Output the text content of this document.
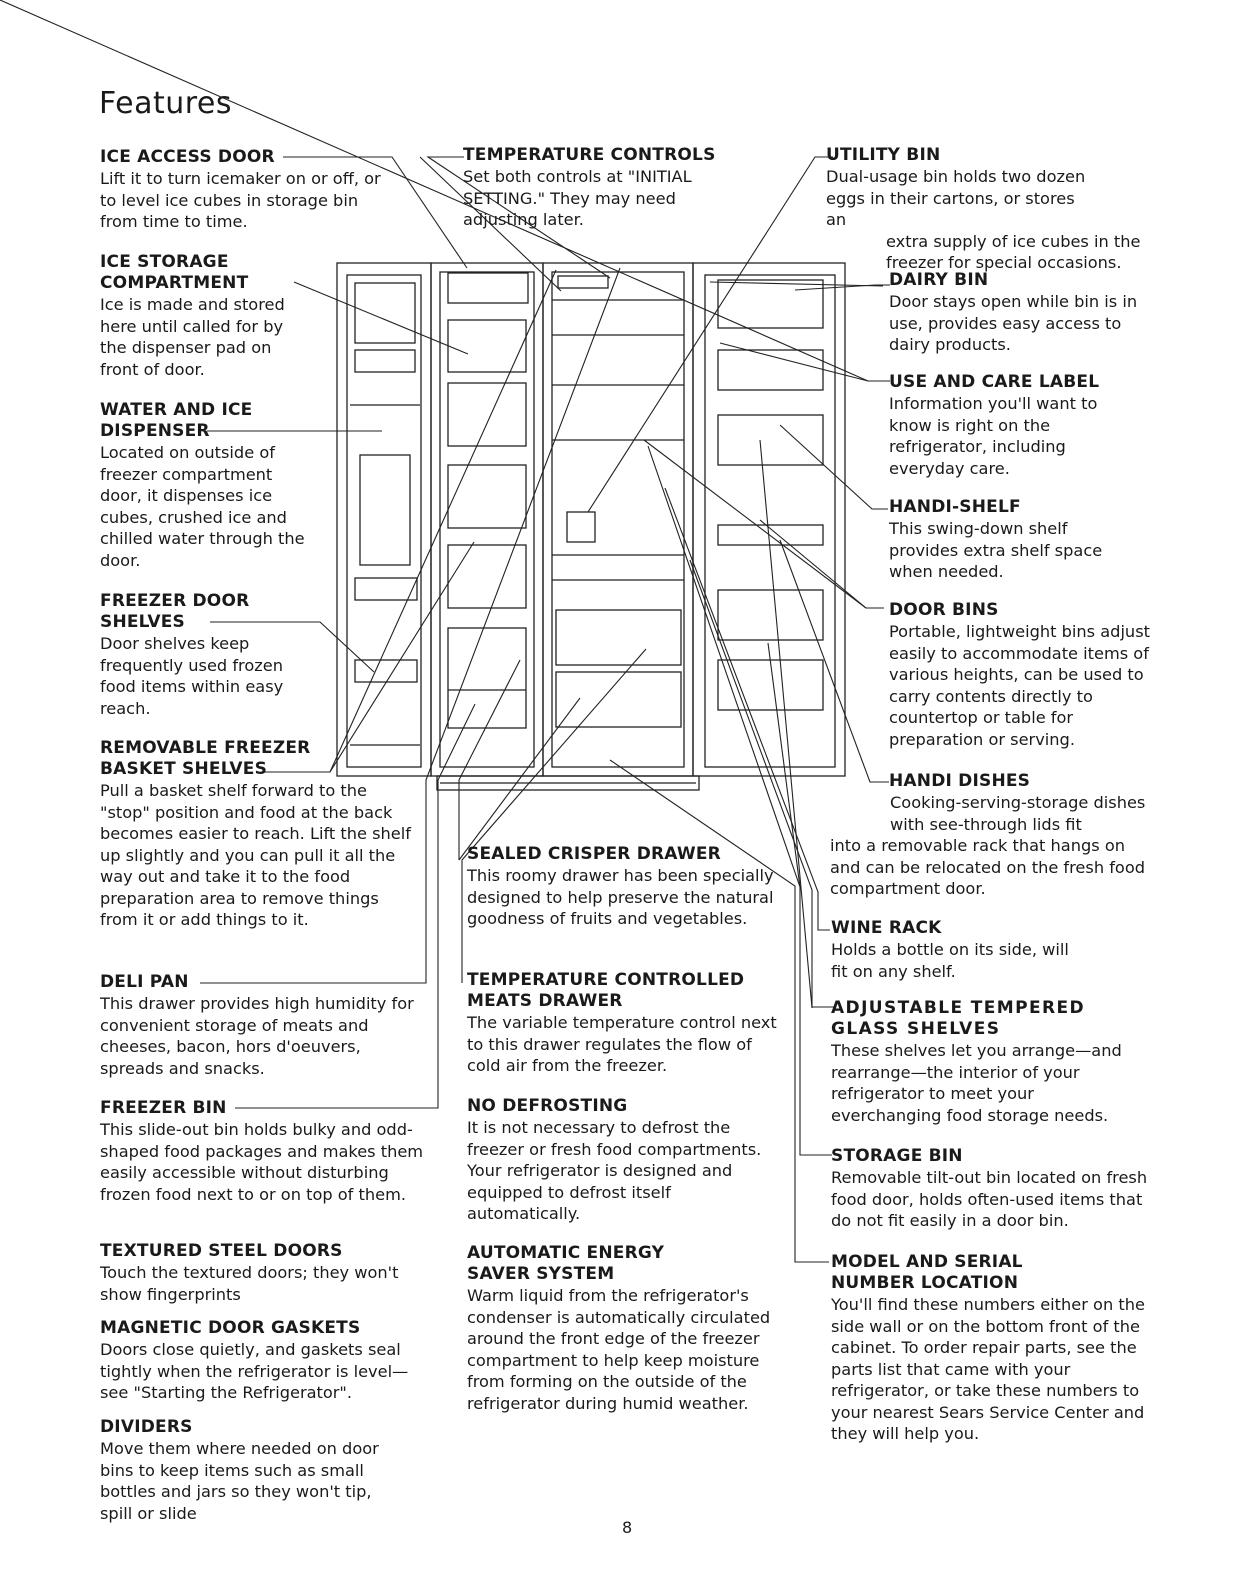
Features
ICE ACCESS DOOR

Lift it to turn icemaker on or off, or to level ice cubes in storage bin from time to time.

ICE STORAGE
COMPARTMENT

Ice is made and stored here until called for by the dispenser pad on front of door.

WATER AND ICE
DISPENSER

Located on outside of freezer compartment door, it dispenses ice cubes, crushed ice and chilled water through the door.

FREEZER DOOR
SHELVES

Door shelves keep frequently used frozen food items within easy reach.

REMOVABLE FREEZER
BASKET SHELVES

Pull a basket shelf forward to the "stop" position and food at the back becomes easier to reach. Lift the shelf up slightly and you can pull it all the way out and take it to the food preparation area to remove things from it or add things to it.

DELI PAN

This drawer provides high humidity for convenient storage of meats and cheeses, bacon, hors d'oeuvers, spreads and snacks.

FREEZER BIN

This slide-out bin holds bulky and odd-shaped food packages and makes them easily accessible without disturbing frozen food next to or on top of them.

TEXTURED STEEL DOORS

Touch the textured doors; they won't show fingerprints

MAGNETIC DOOR GASKETS

Doors close quietly, and gaskets seal tightly when the refrigerator is level—see "Starting the Refrigerator".

DIVIDERS

Move them where needed on door bins to keep items such as small bottles and jars so they won't tip, spill or slide

TEMPERATURE CONTROLS

Set both controls at "INITIAL SETTING." They may need adjusting later.

SEALED CRISPER DRAWER

This roomy drawer has been specially designed to help preserve the natural goodness of fruits and vegetables.

TEMPERATURE CONTROLLED
MEATS DRAWER

The variable temperature control next to this drawer regulates the flow of cold air from the freezer.

NO DEFROSTING

It is not necessary to defrost the freezer or fresh food compartments. Your refrigerator is designed and equipped to defrost itself automatically.

AUTOMATIC ENERGY
SAVER SYSTEM

Warm liquid from the refrigerator's condenser is automatically circulated around the front edge of the freezer compartment to help keep moisture from forming on the outside of the refrigerator during humid weather.

UTILITY BIN

Dual-usage bin holds two dozen eggs in their cartons, or stores an

extra supply of ice cubes in the freezer for special occasions.

DAIRY BIN

Door stays open while bin is in use, provides easy access to dairy products.

USE AND CARE LABEL

Information you'll want to know is right on the refrigerator, including everyday care.

HANDI-SHELF

This swing-down shelf provides extra shelf space when needed.

DOOR BINS

Portable, lightweight bins adjust easily to accommodate items of various heights, can be used to carry contents directly to countertop or table for preparation or serving.

HANDI DISHES

Cooking-serving-storage dishes with see-through lids fit

into a removable rack that hangs on and can be relocated on the fresh food compartment door.

WINE RACK

Holds a bottle on its side, will fit on any shelf.

ADJUSTABLE TEMPERED
GLASS SHELVES

These shelves let you arrange—and rearrange—the interior of your refrigerator to meet your everchanging food storage needs.

STORAGE BIN

Removable tilt-out bin located on fresh food door, holds often-used items that do not fit easily in a door bin.

MODEL AND SERIAL
NUMBER LOCATION

You'll find these numbers either on the side wall or on the bottom front of the cabinet. To order repair parts, see the parts list that came with your refrigerator, or take these numbers to your nearest Sears Service Center and they will help you.

8
